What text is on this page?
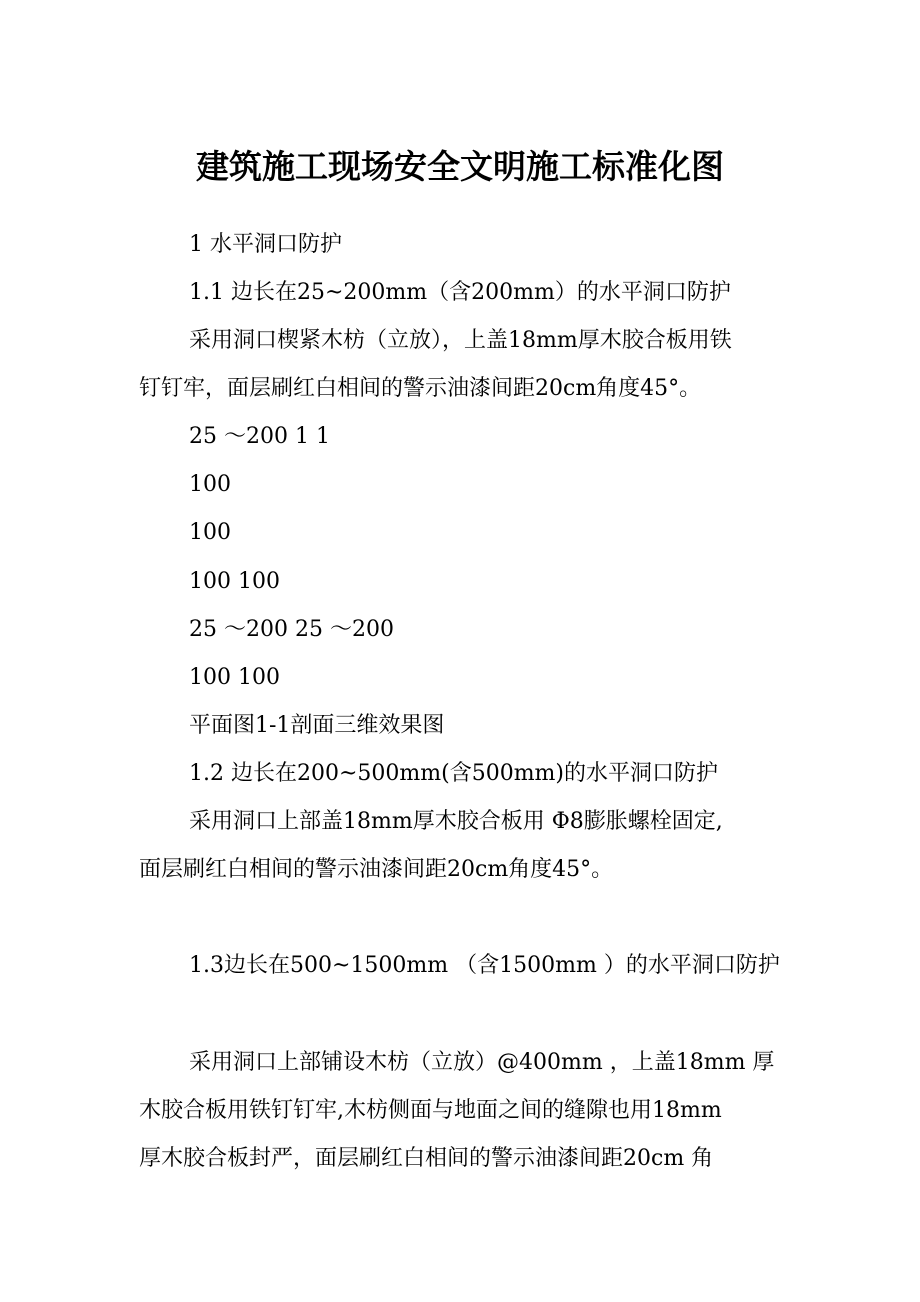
建筑施工现场安全文明施工标准化图
1 水平洞口防护
1.1 边长在25~200mm（含200mm）的水平洞口防护
采用洞口楔紧木枋（立放），上盖18mm厚木胶合板用铁
钉钉牢，面层刷红白相间的警示油漆间距20cm角度45°。
25 ～200 1 1
100
100
100 100
25 ～200 25 ～200
100 100
平面图1-1剖面三维效果图
1.2 边长在200~500mm(含500mm)的水平洞口防护
采用洞口上部盖18mm厚木胶合板用 Φ8膨胀螺栓固定,
面层刷红白相间的警示油漆间距20cm角度45°。
1.3边长在500~1500mm （含1500mm ）的水平洞口防护
采用洞口上部铺设木枋（立放）@400mm ，上盖18mm 厚
木胶合板用铁钉钉牢,木枋侧面与地面之间的缝隙也用18mm
厚木胶合板封严，面层刷红白相间的警示油漆间距20cm 角
